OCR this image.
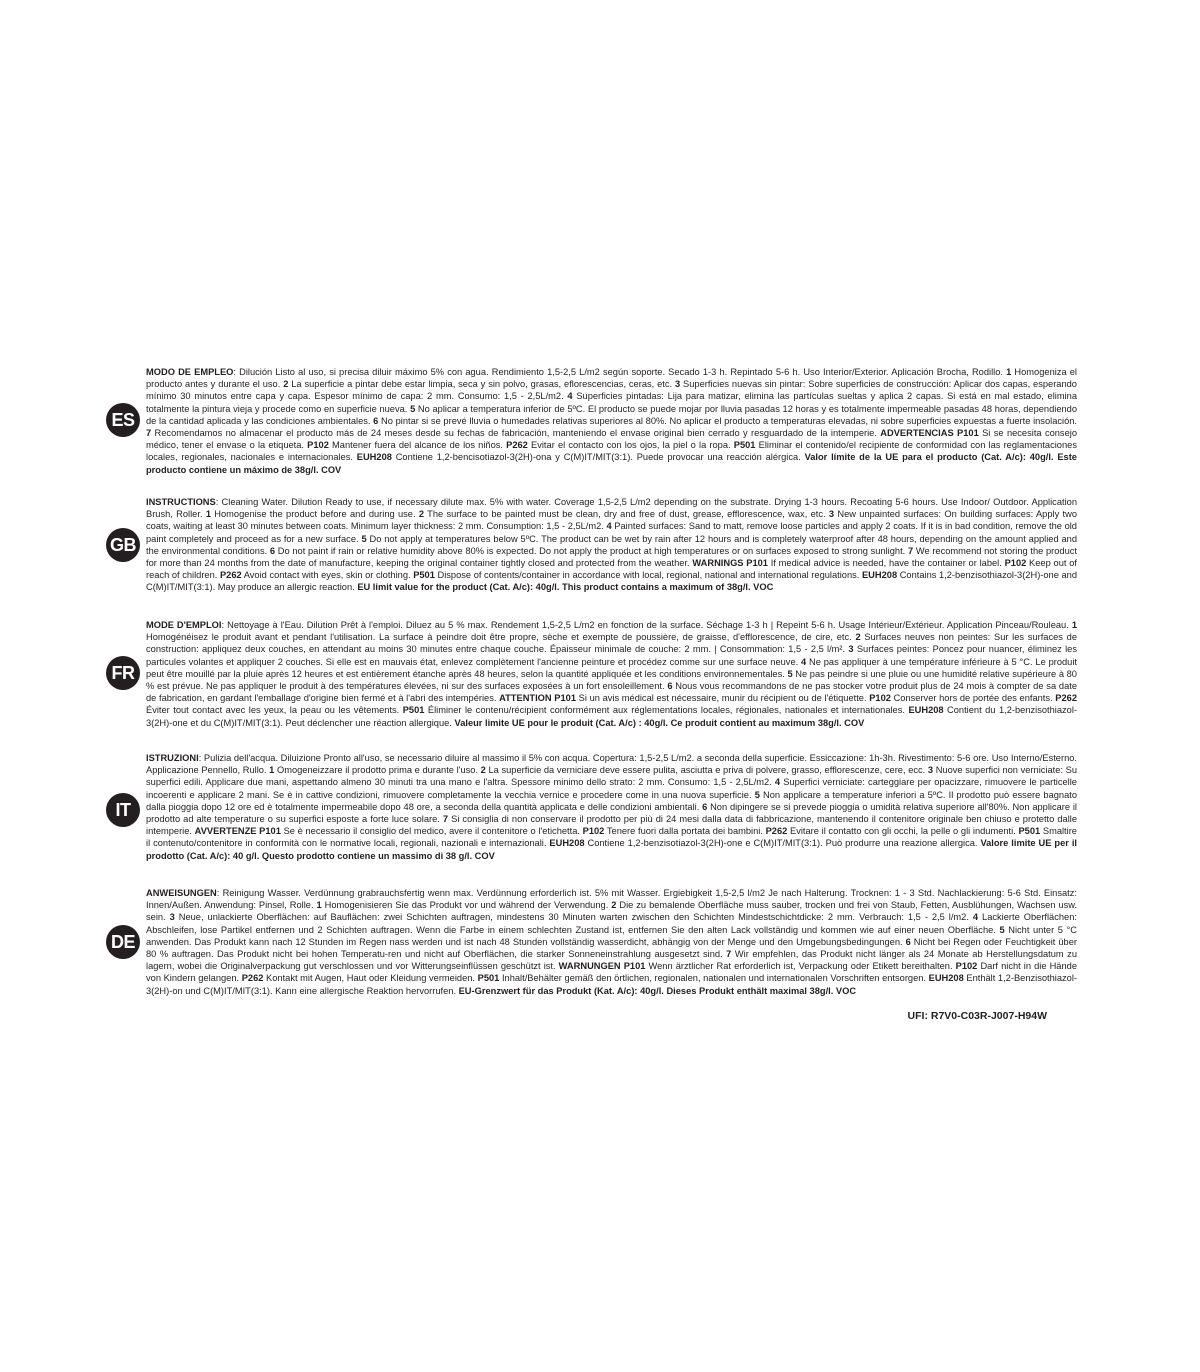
MODO DE EMPLEO: Dilución Listo al uso, si precisa diluir máximo 5% con agua. Rendimiento 1,5-2,5 L/m2 según soporte. Secado 1-3 h. Repintado 5-6 h. Uso Interior/Exterior. Aplicación Brocha, Rodillo. 1 Homogeniza el producto antes y durante el uso. 2 La superficie a pintar debe estar limpia, seca y sin polvo, grasas, eflorescencias, ceras, etc. 3 Superficies nuevas sin pintar: Sobre superficies de construcción: Aplicar dos capas, esperando mínimo 30 minutos entre capa y capa. Espesor mínimo de capa: 2 mm. Consumo: 1,5 - 2,5L/m2. 4 Superficies pintadas: Lija para matizar, elimina las partículas sueltas y aplica 2 capas. Si está en mal estado, elimina totalmente la pintura vieja y procede como en superficie nueva. 5 No aplicar a temperatura inferior de 5ºC. El producto se puede mojar por lluvia pasadas 12 horas y es totalmente impermeable pasadas 48 horas, dependiendo de la cantidad aplicada y las condiciones ambientales. 6 No pintar si se prevé lluvia o humedades relativas superiores al 80%. No aplicar el producto a temperaturas elevadas, ni sobre superficies expuestas a fuerte insolación. 7 Recomendamos no almacenar el producto más de 24 meses desde su fechas de fabricación, manteniendo el envase original bien cerrado y resguardado de la intemperie. ADVERTENCIAS P101 Si se necesita consejo médico, tener el envase o la etiqueta. P102 Mantener fuera del alcance de los niños. P262 Evitar el contacto con los ojos, la piel o la ropa. P501 Eliminar el contenido/el recipiente de conformidad con las reglamentaciones locales, regionales, nacionales e internacionales. EUH208 Contiene 1,2-bencisotiazol-3(2H)-ona y C(M)IT/MIT(3:1). Puede provocar una reacción alérgica. Valor límite de la UE para el producto (Cat. A/c): 40g/l. Este producto contiene un máximo de 38g/l. COV

ES

INSTRUCTIONS: Cleaning Water. Dilution Ready to use, if necessary dilute max. 5% with water. Coverage 1,5-2,5 L/m2 depending on the substrate. Drying 1-3 hours. Recoating 5-6 hours. Use Indoor/ Outdoor. Application Brush, Roller. 1 Homogenise the product before and during use. 2 The surface to be painted must be clean, dry and free of dust, grease, efflorescence, wax, etc. 3 New unpainted surfaces: On building surfaces: Apply two coats, waiting at least 30 minutes between coats. Minimum layer thickness: 2 mm. Consumption: 1,5 - 2,5L/m2. 4 Painted surfaces: Sand to matt, remove loose particles and apply 2 coats. If it is in bad condition, remove the old paint completely and proceed as for a new surface. 5 Do not apply at temperatures below 5ºC. The product can be wet by rain after 12 hours and is completely waterproof after 48 hours, depending on the amount applied and the environmental conditions. 6 Do not paint if rain or relative humidity above 80% is expected. Do not apply the product at high temperatures or on surfaces exposed to strong sunlight. 7 We recommend not storing the product for more than 24 months from the date of manufacture, keeping the original container tightly closed and protected from the weather. WARNINGS P101 If medical advice is needed, have the container or label. P102 Keep out of reach of children. P262 Avoid contact with eyes, skin or clothing. P501 Dispose of contents/container in accordance with local, regional, national and international regulations. EUH208 Contains 1,2-benzisothiazol-3(2H)-one and C(M)IT/MIT(3:1). May produce an allergic reaction. EU limit value for the product (Cat. A/c): 40g/l. This product contains a maximum of 38g/l. VOC

GB

MODE D'EMPLOI: Nettoyage à l'Eau. Dilution Prêt à l'emploi. Diluez au 5 % max. Rendement 1,5-2,5 L/m2 en fonction de la surface. Séchage 1-3 h | Repeint 5-6 h. Usage Intérieur/Extérieur. Application Pinceau/Rouleau. 1 Homogénéisez le produit avant et pendant l'utilisation. La surface à peindre doit être propre, sèche et exempte de poussière, de graisse, d'efflorescence, de cire, etc. 2 Surfaces neuves non peintes: Sur les surfaces de construction: appliquez deux couches, en attendant au moins 30 minutes entre chaque couche. Épaisseur minimale de couche: 2 mm. | Consommation: 1,5 - 2,5 l/m². 3 Surfaces peintes: Poncez pour nuancer, éliminez les particules volantes et appliquer 2 couches. Si elle est en mauvais état, enlevez complètement l'ancienne peinture et procédez comme sur une surface neuve. 4 Ne pas appliquer à une température inférieure à 5 °C. Le produit peut être mouillé par la pluie après 12 heures et est entièrement étanche après 48 heures, selon la quantité appliquée et les conditions environnementales. 5 Ne pas peindre si une pluie ou une humidité relative supérieure à 80 % est prévue. Ne pas appliquer le produit à des températures élevées, ni sur des surfaces exposées à un fort ensoleillement. 6 Nous vous recommandons de ne pas stocker votre produit plus de 24 mois à compter de sa date de fabrication, en gardant l'emballage d'origine bien fermé et à l'abri des intempéries. ATTENTION P101 Si un avis médical est nécessaire, munir du récipient ou de l'étiquette. P102 Conserver hors de portée des enfants. P262 Éviter tout contact avec les yeux, la peau ou les vêtements. P501 Éliminer le contenu/récipient conformément aux réglementations locales, régionales, nationales et internationales. EUH208 Contient du 1,2-benzisothiazol-3(2H)-one et du C(M)IT/MIT(3:1). Peut déclencher une réaction allergique. Valeur limite UE pour le produit (Cat. A/c) : 40g/l. Ce produit contient au maximum 38g/l. COV

FR

ISTRUZIONI: Pulizia dell'acqua. Diluizione Pronto all'uso, se necessario diluire al massimo il 5% con acqua. Copertura: 1,5-2,5 L/m2. a seconda della superficie. Essiccazione: 1h-3h. Rivestimento: 5-6 ore. Uso Interno/Esterno. Applicazione Pennello, Rullo. 1 Omogeneizzare il prodotto prima e durante l'uso. 2 La superficie da verniciare deve essere pulita, asciutta e priva di polvere, grasso, efflorescenze, cere, ecc. 3 Nuove superfici non verniciate: Su superfici edili. Applicare due mani, aspettando almeno 30 minuti tra una mano e l'altra. Spessore minimo dello strato: 2 mm. Consumo: 1,5 - 2,5L/m2. 4 Superfici verniciate: carteggiare per opacizzare, rimuovere le particelle incoerenti e applicare 2 mani. Se è in cattive condizioni, rimuovere completamente la vecchia vernice e procedere come in una nuova superficie. 5 Non applicare a temperature inferiori a 5ºC. Il prodotto può essere bagnato dalla pioggia dopo 12 ore ed è totalmente impermeabile dopo 48 ore, a seconda della quantità applicata e delle condizioni ambientali. 6 Non dipingere se si prevede pioggia o umidità relativa superiore all'80%. Non applicare il prodotto ad alte temperature o su superfici esposte a forte luce solare. 7 Si consiglia di non conservare il prodotto per più di 24 mesi dalla data di fabbricazione, mantenendo il contenitore originale ben chiuso e protetto dalle intemperie. AVVERTENZE P101 Se è necessario il consiglio del medico, avere il contenitore o l'etichetta. P102 Tenere fuori dalla portata dei bambini. P262 Evitare il contatto con gli occhi, la pelle o gli indumenti. P501 Smaltire il contenuto/contenitore in conformità con le normative locali, regionali, nazionali e internazionali. EUH208 Contiene 1,2-benzisotiazol-3(2H)-one e C(M)IT/MIT(3:1). Può produrre una reazione allergica. Valore limite UE per il prodotto (Cat. A/c): 40 g/l. Questo prodotto contiene un massimo di 38 g/l. COV

IT

ANWEISUNGEN: Reinigung Wasser. Verdünnung grabrauchsfertig wenn max. Verdünnung erforderlich ist. 5% mit Wasser. Ergiebigkeit 1,5-2,5 l/m2 Je nach Halterung. Trocknen: 1 - 3 Std. Nachlackierung: 5-6 Std. Einsatz: Innen/Außen. Anwendung: Pinsel, Rolle. 1 Homogenisieren Sie das Produkt vor und während der Verwendung. 2 Die zu bemalende Oberfläche muss sauber, trocken und frei von Staub, Fetten, Ausblühungen, Wachsen usw. sein. 3 Neue, unlackierte Oberflächen: auf Bauflächen: zwei Schichten auftragen, mindestens 30 Minuten warten zwischen den Schichten Mindestschichtdicke: 2 mm. Verbrauch: 1,5 - 2,5 l/m2. 4 Lackierte Oberflächen: Abschleifen, lose Partikel entfernen und 2 Schichten auftragen. Wenn die Farbe in einem schlechten Zustand ist, entfernen Sie den alten Lack vollständig und kommen wie auf einer neuen Oberfläche. 5 Nicht unter 5 °C anwenden. Das Produkt kann nach 12 Stunden im Regen nass werden und ist nach 48 Stunden vollständig wasserdicht, abhängig von der Menge und den Umgebungsbedingungen. 6 Nicht bei Regen oder Feuchtigkeit über 80 % auftragen. Das Produkt nicht bei hohen Temperatu-ren und nicht auf Oberflächen, die starker Sonneneinstrahlung ausgesetzt sind. 7 Wir empfehlen, das Produkt nicht länger als 24 Monate ab Herstellungsdatum zu lagern, wobei die Originalverpackung gut verschlossen und vor Witterungseinflüssen geschützt ist. WARNUNGEN P101 Wenn ärztlicher Rat erforderlich ist, Verpackung oder Etikett bereithalten. P102 Darf nicht in die Hände von Kindern gelangen. P262 Kontakt mit Augen, Haut oder Kleidung vermeiden. P501 Inhalt/Behälter gemäß den örtlichen, regionalen, nationalen und internationalen Vorschriften entsorgen. EUH208 Enthält 1,2-Benzisothiazol-3(2H)-on und C(M)IT/MIT(3:1). Kann eine allergische Reaktion hervorrufen. EU-Grenzwert für das Produkt (Kat. A/c): 40g/l. Dieses Produkt enthält maximal 38g/l. VOC

DE
UFI: R7V0-C03R-J007-H94W
